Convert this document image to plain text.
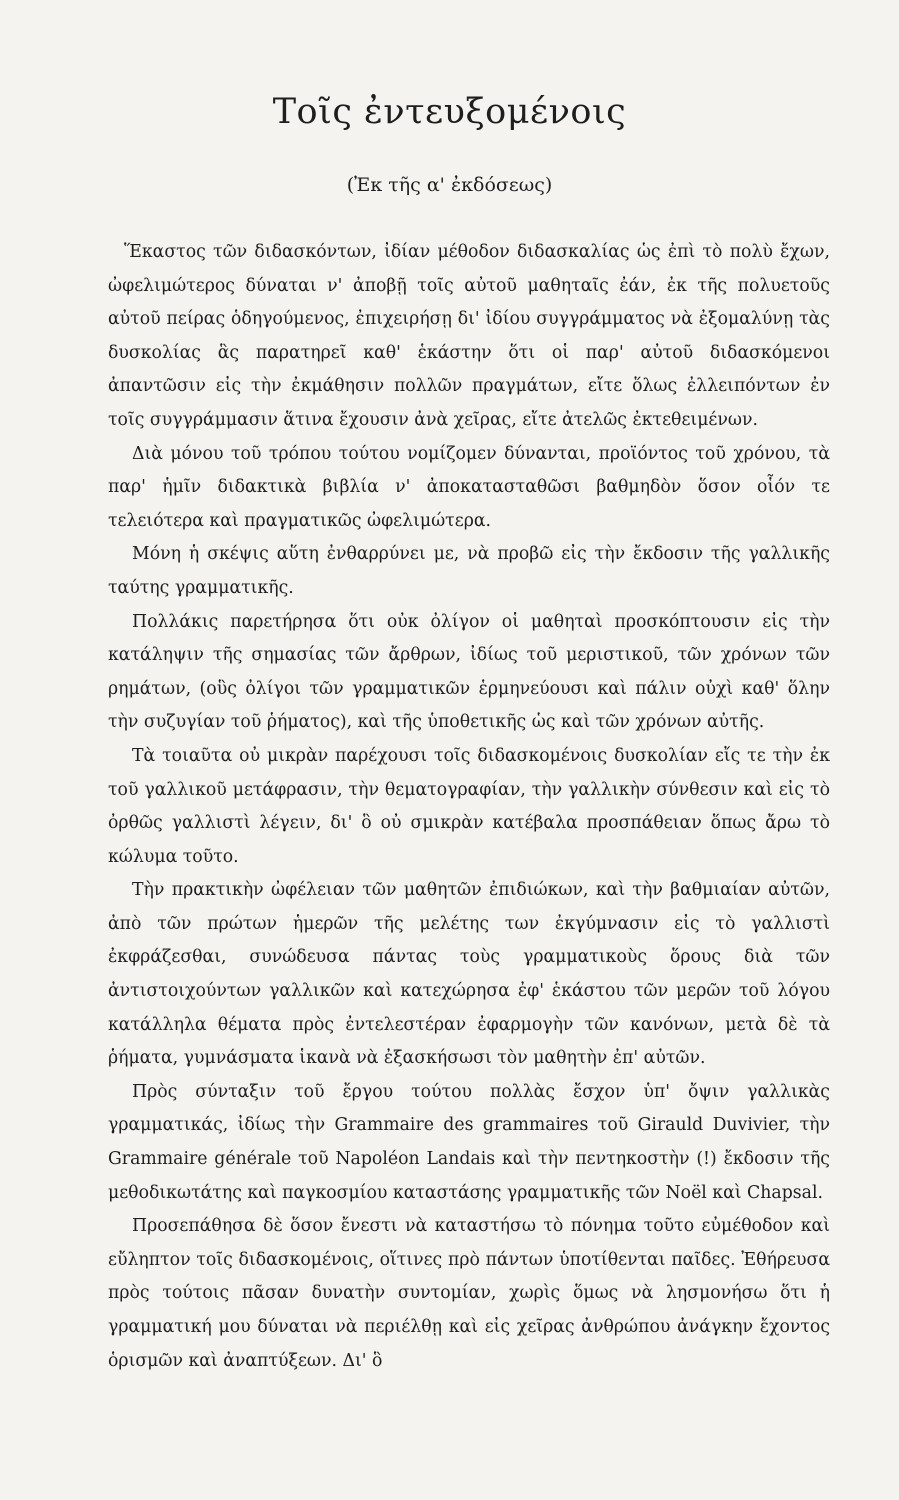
Τοῖς ἐντευξομένοις
(Ἐκ τῆς α' ἐκδόσεως)

Ἕκαστος τῶν διδασκόντων, ἰδίαν μέθοδον διδασκαλίας ὡς ἐπὶ τὸ πολὺ ἔχων, ὠφελιμώτερος δύναται ν' ἀποβῇ τοῖς αὐτοῦ μαθηταῖς ἐάν, ἐκ τῆς πολυετοῦς αὐτοῦ πείρας ὁδηγούμενος, ἐπιχειρήσῃ δι' ἰδίου συγγράμματος νὰ ἐξομαλύνῃ τὰς δυσκολίας ἃς παρατηρεῖ καθ' ἑκάστην ὅτι οἱ παρ' αὐτοῦ διδασκόμενοι ἀπαντῶσιν εἰς τὴν ἐκμάθησιν πολλῶν πραγμάτων, εἴτε ὅλως ἐλλειπόντων ἐν τοῖς συγγράμμασιν ἅτινα ἔχουσιν ἀνὰ χεῖρας, εἴτε ἀτελῶς ἐκτεθειμένων.

Διὰ μόνου τοῦ τρόπου τούτου νομίζομεν δύνανται, προϊόντος τοῦ χρόνου, τὰ παρ' ἡμῖν διδακτικὰ βιβλία ν' ἀποκατασταθῶσι βαθμηδὸν ὅσον οἷόν τε τελειότερα καὶ πραγματικῶς ὠφελιμώτερα.

Μόνη ἡ σκέψις αὕτη ἐνθαρρύνει με, νὰ προβῶ εἰς τὴν ἔκδοσιν τῆς γαλλικῆς ταύτης γραμματικῆς.

Πολλάκις παρετήρησα ὅτι οὐκ ὀλίγον οἱ μαθηταὶ προσκόπτουσιν εἰς τὴν κατάληψιν τῆς σημασίας τῶν ἄρθρων, ἰδίως τοῦ μεριστικοῦ, τῶν χρόνων τῶν ρημάτων, (οὓς ὀλίγοι τῶν γραμματικῶν ἑρμηνεύουσι καὶ πάλιν οὐχὶ καθ' ὅλην τὴν συζυγίαν τοῦ ῥήματος), καὶ τῆς ὑποθετικῆς ὡς καὶ τῶν χρόνων αὐτῆς.

Τὰ τοιαῦτα οὐ μικρὰν παρέχουσι τοῖς διδασκομένοις δυσκολίαν εἴς τε τὴν ἐκ τοῦ γαλλικοῦ μετάφρασιν, τὴν θεματογραφίαν, τὴν γαλλικὴν σύνθεσιν καὶ εἰς τὸ ὀρθῶς γαλλιστὶ λέγειν, δι' ὃ οὐ σμικρὰν κατέβαλα προσπάθειαν ὅπως ἄρω τὸ κώλυμα τοῦτο.

Τὴν πρακτικὴν ὠφέλειαν τῶν μαθητῶν ἐπιδιώκων, καὶ τὴν βαθμιαίαν αὐτῶν, ἀπὸ τῶν πρώτων ἡμερῶν τῆς μελέτης των ἐκγύμνασιν εἰς τὸ γαλλιστὶ ἐκφράζεσθαι, συνώδευσα πάντας τοὺς γραμματικοὺς ὅρους διὰ τῶν ἀντιστοιχούντων γαλλικῶν καὶ κατεχώρησα ἐφ' ἑκάστου τῶν μερῶν τοῦ λόγου κατάλληλα θέματα πρὸς ἐντελεστέραν ἐφαρμογὴν τῶν κανόνων, μετὰ δὲ τὰ ῥήματα, γυμνάσματα ἱκανὰ νὰ ἐξασκήσωσι τὸν μαθητὴν ἐπ' αὐτῶν.

Πρὸς σύνταξιν τοῦ ἔργου τούτου πολλὰς ἔσχον ὑπ' ὄψιν γαλλικὰς γραμματικάς, ἰδίως τὴν Grammaire des grammaires τοῦ Girauld Duvivier, τὴν Grammaire générale τοῦ Napoléon Landais καὶ τὴν πεντηκοστὴν (!) ἔκδοσιν τῆς μεθοδικωτάτης καὶ παγκοσμίου καταστάσης γραμματικῆς τῶν Noël καὶ Chapsal.

Προσεπάθησα δὲ ὅσον ἔνεστι νὰ καταστήσω τὸ πόνημα τοῦτο εὐμέθοδον καὶ εὔληπτον τοῖς διδασκομένοις, οἵτινες πρὸ πάντων ὑποτίθενται παῖδες. Ἐθήρευσα πρὸς τούτοις πᾶσαν δυνατὴν συντομίαν, χωρὶς ὅμως νὰ λησμονήσω ὅτι ἡ γραμματική μου δύναται νὰ περιέλθῃ καὶ εἰς χεῖρας ἀνθρώπου ἀνάγκην ἔχοντος ὁρισμῶν καὶ ἀναπτύξεων. Δι' ὃ
